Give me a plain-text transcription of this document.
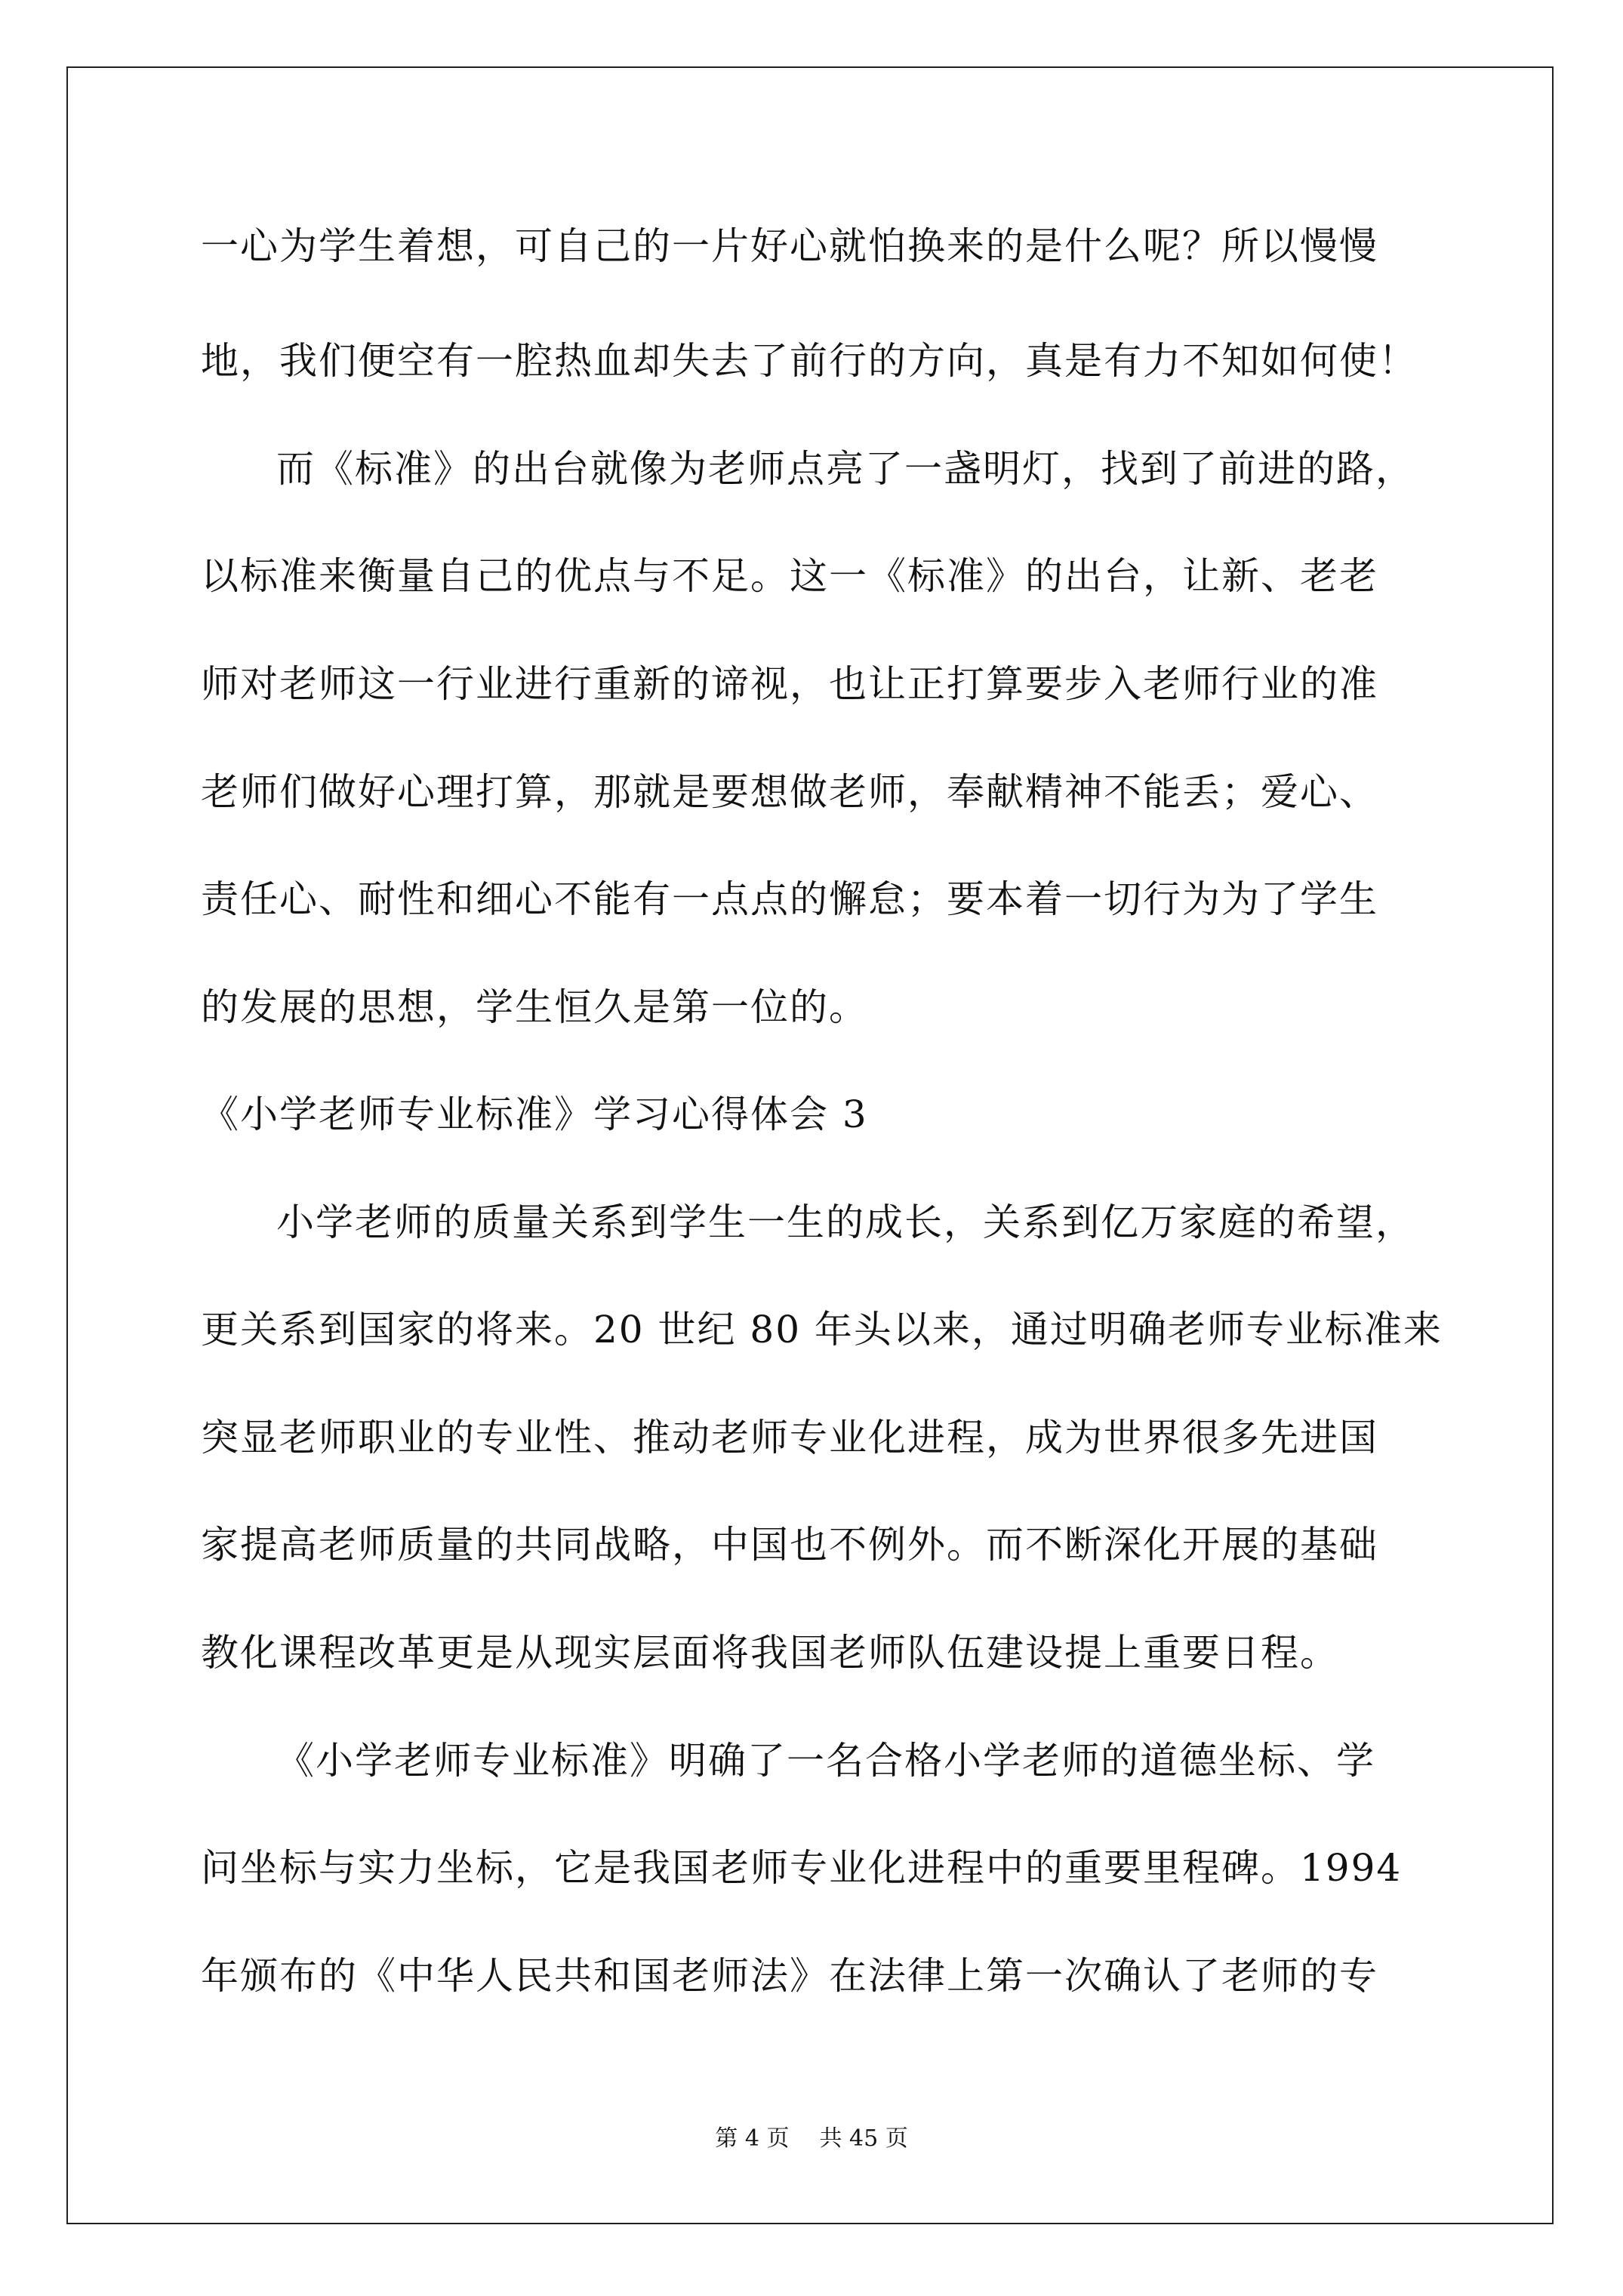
一心为学生着想，可自己的一片好心就怕换来的是什么呢？所以慢慢
地，我们便空有一腔热血却失去了前行的方向，真是有力不知如何使！
而《标准》的出台就像为老师点亮了一盏明灯，找到了前进的路，
以标准来衡量自己的优点与不足。这一《标准》的出台，让新、老老
师对老师这一行业进行重新的谛视，也让正打算要步入老师行业的准
老师们做好心理打算，那就是要想做老师，奉献精神不能丢；爱心、
责任心、耐性和细心不能有一点点的懈怠；要本着一切行为为了学生
的发展的思想，学生恒久是第一位的。
《小学老师专业标准》学习心得体会 3
小学老师的质量关系到学生一生的成长，关系到亿万家庭的希望，
更关系到国家的将来。20 世纪 80 年头以来，通过明确老师专业标准来
突显老师职业的专业性、推动老师专业化进程，成为世界很多先进国
家提高老师质量的共同战略，中国也不例外。而不断深化开展的基础
教化课程改革更是从现实层面将我国老师队伍建设提上重要日程。
《小学老师专业标准》明确了一名合格小学老师的道德坐标、学
问坐标与实力坐标，它是我国老师专业化进程中的重要里程碑。1994
年颁布的《中华人民共和国老师法》在法律上第一次确认了老师的专
第 4 页 共 45 页
